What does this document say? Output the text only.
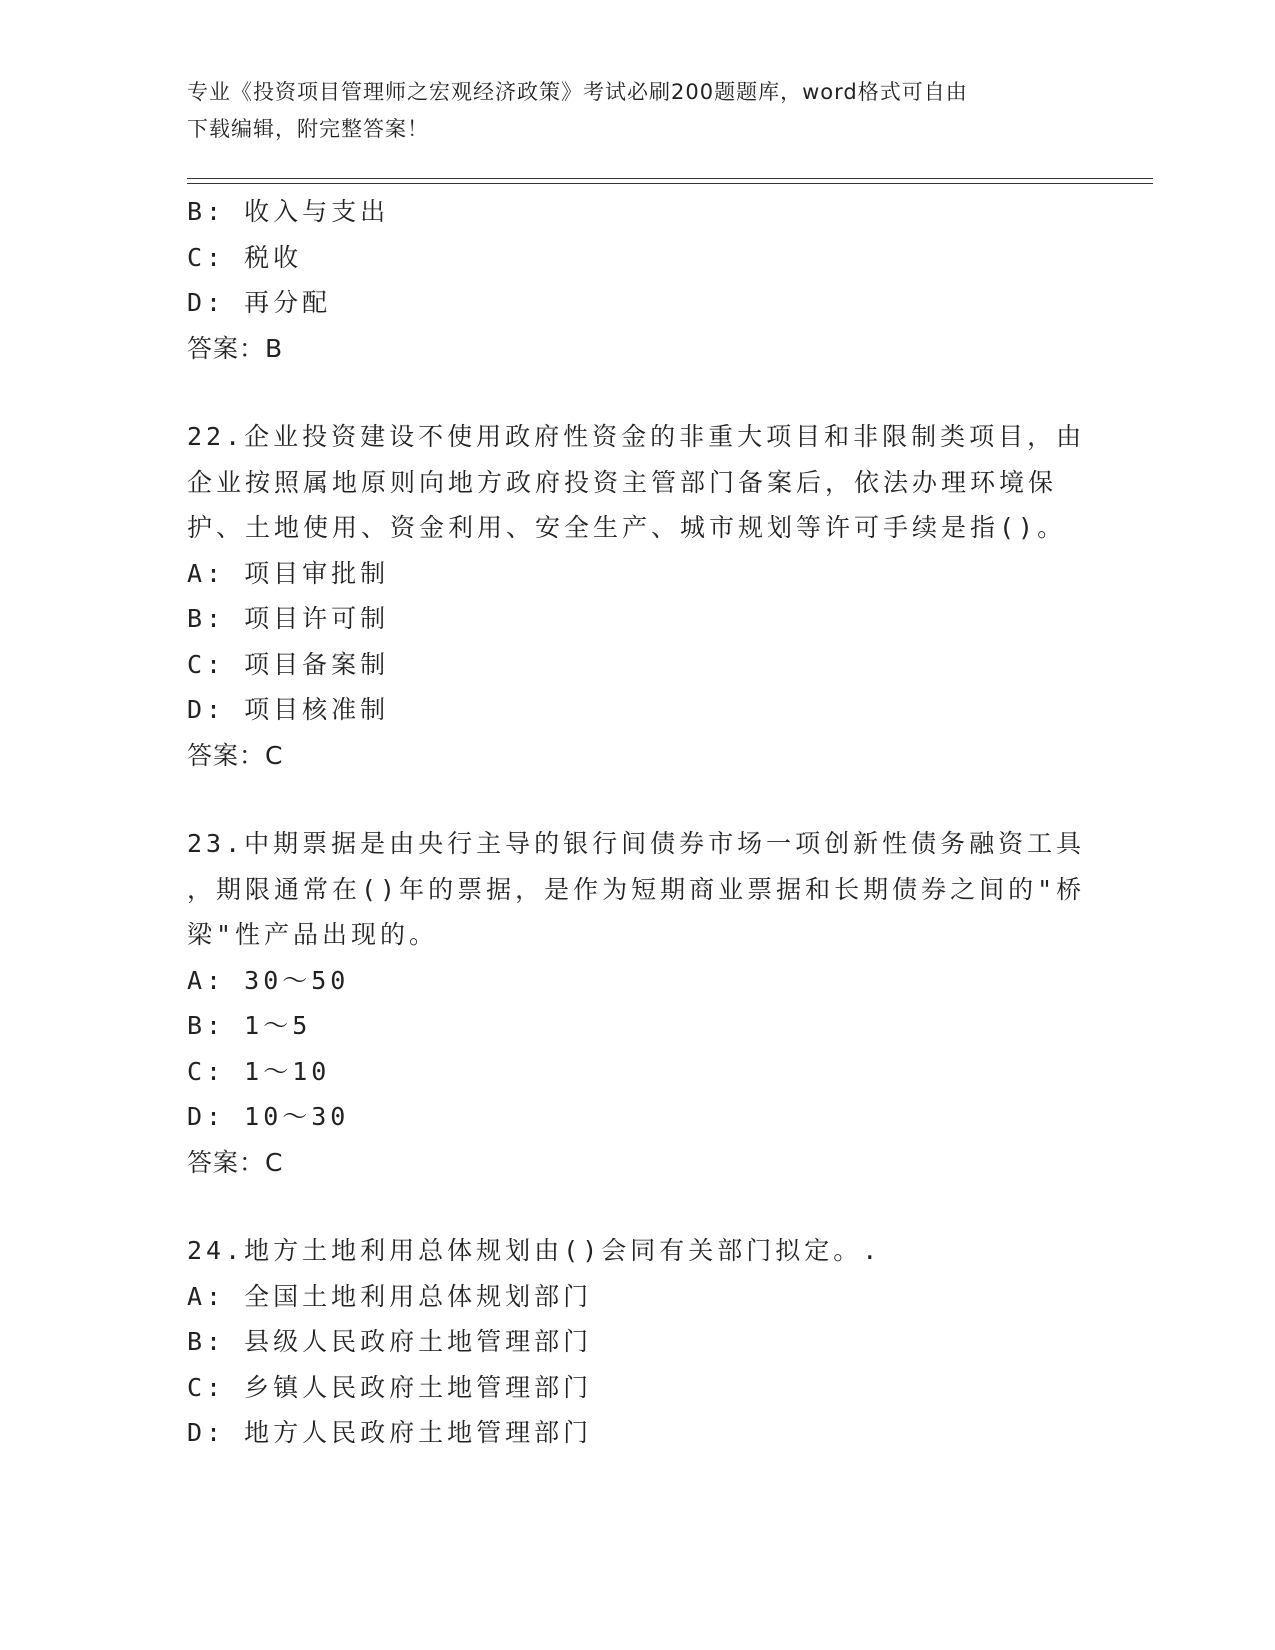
专业《投资项目管理师之宏观经济政策》考试必刷200题题库，word格式可自由
下载编辑，附完整答案！
B: 收入与支出
C: 税收
D: 再分配
答案：B
22.企业投资建设不使用政府性资金的非重大项目和非限制类项目，由
企业按照属地原则向地方政府投资主管部门备案后，依法办理环境保
护、土地使用、资金利用、安全生产、城市规划等许可手续是指()。
A: 项目审批制
B: 项目许可制
C: 项目备案制
D: 项目核准制
答案：C
23.中期票据是由央行主导的银行间债券市场一项创新性债务融资工具
，期限通常在()年的票据，是作为短期商业票据和长期债券之间的"桥
梁"性产品出现的。
A: 30～50
B: 1～5
C: 1～10
D: 10～30
答案：C
24.地方土地利用总体规划由()会同有关部门拟定。.
A: 全国土地利用总体规划部门
B: 县级人民政府土地管理部门
C: 乡镇人民政府土地管理部门
D: 地方人民政府土地管理部门
